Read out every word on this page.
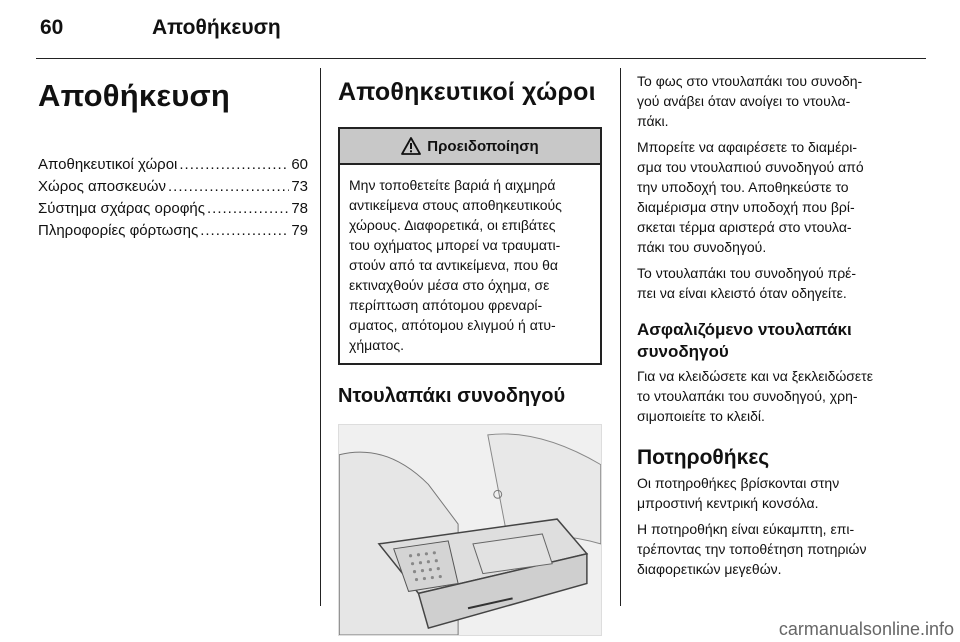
60	Αποθήκευση
Αποθήκευση
Αποθηκευτικοί χώροι .....	60
Χώρος αποσκευών .....	73
Σύστημα σχάρας οροφής .....	78
Πληροφορίες φόρτωσης .....	79
Αποθηκευτικοί χώροι
Προειδοποίηση
Μην τοποθετείτε βαριά ή αιχμηρά
αντικείμενα στους αποθηκευτικούς
χώρους. Διαφορετικά, οι επιβάτες
του οχήματος μπορεί να τραυματι-
στούν από τα αντικείμενα, που θα
εκτιναχθούν μέσα στο όχημα, σε
περίπτωση απότομου φρεναρί-
σματος, απότομου ελιγμού ή ατυ-
χήματος.
Ντουλαπάκι συνοδηγού
Το φως στο ντουλαπάκι του συνοδη-
γού ανάβει όταν ανοίγει το ντουλα-
πάκι.
Μπορείτε να αφαιρέσετε το διαμέρι-
σμα του ντουλαπιού συνοδηγού από
την υποδοχή του. Αποθηκεύστε το
διαμέρισμα στην υποδοχή που βρί-
σκεται τέρμα αριστερά στο ντουλα-
πάκι του συνοδηγού.
Το ντουλαπάκι του συνοδηγού πρέ-
πει να είναι κλειστό όταν οδηγείτε.
Ασφαλιζόμενο ντουλαπάκι
συνοδηγού
Για να κλειδώσετε και να ξεκλειδώσετε
το ντουλαπάκι του συνοδηγού, χρη-
σιμοποιείτε το κλειδί.
Ποτηροθήκες
Οι ποτηροθήκες βρίσκονται στην
μπροστινή κεντρική κονσόλα.
Η ποτηροθήκη είναι εύκαμπτη, επι-
τρέποντας την τοποθέτηση ποτηριών
διαφορετικών μεγεθών.
carmanualsonline.info
